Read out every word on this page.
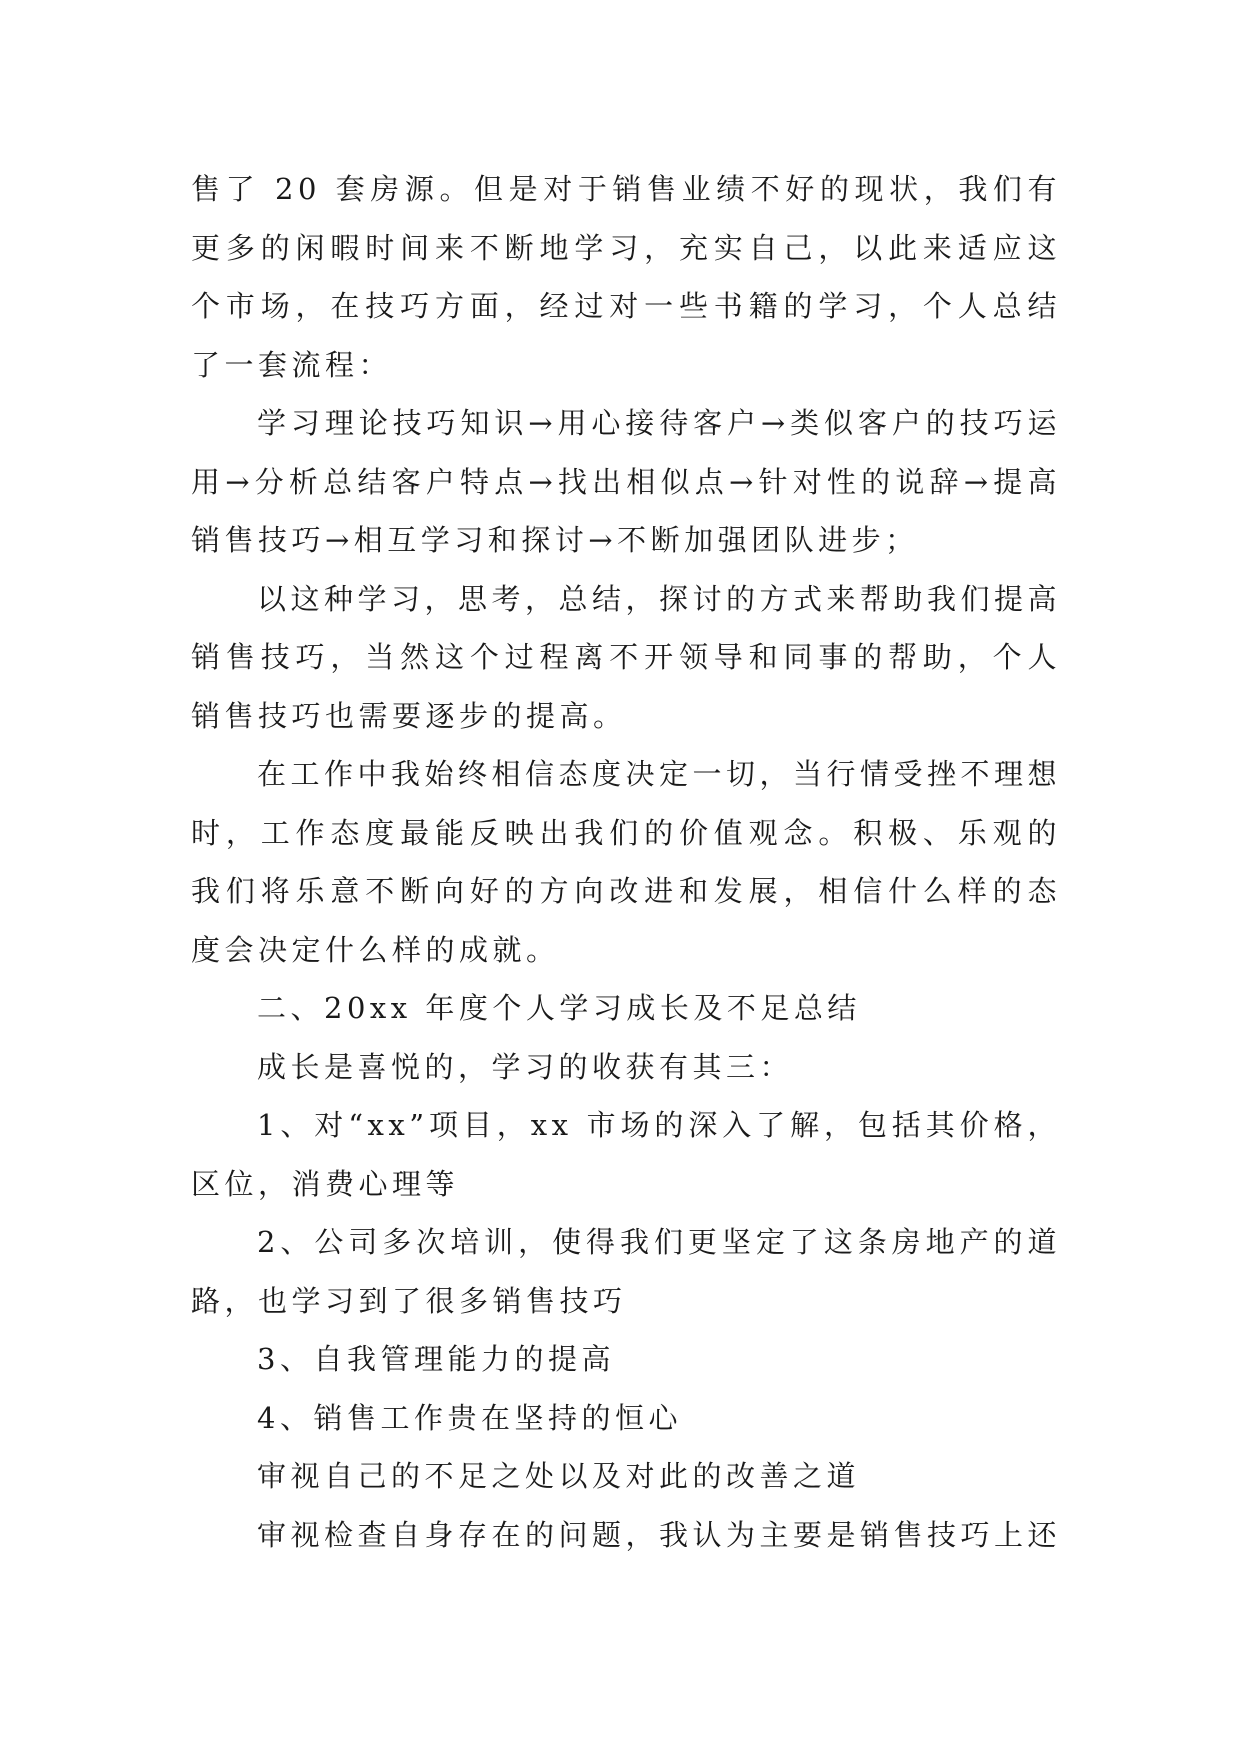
售了 20 套房源。但是对于销售业绩不好的现状，我们有更多的闲暇时间来不断地学习，充实自己，以此来适应这个市场，在技巧方面，经过对一些书籍的学习，个人总结了一套流程：

学习理论技巧知识→用心接待客户→类似客户的技巧运用→分析总结客户特点→找出相似点→针对性的说辞→提高销售技巧→相互学习和探讨→不断加强团队进步；

以这种学习，思考，总结，探讨的方式来帮助我们提高销售技巧，当然这个过程离不开领导和同事的帮助，个人销售技巧也需要逐步的提高。

在工作中我始终相信态度决定一切，当行情受挫不理想时，工作态度最能反映出我们的价值观念。积极、乐观的我们将乐意不断向好的方向改进和发展，相信什么样的态度会决定什么样的成就。

二、20xx 年度个人学习成长及不足总结

成长是喜悦的，学习的收获有其三：

1、对“xx”项目，xx 市场的深入了解，包括其价格，区位，消费心理等

2、公司多次培训，使得我们更坚定了这条房地产的道路，也学习到了很多销售技巧

3、自我管理能力的提高

4、销售工作贵在坚持的恒心

审视自己的不足之处以及对此的改善之道

审视检查自身存在的问题，我认为主要是销售技巧上还
